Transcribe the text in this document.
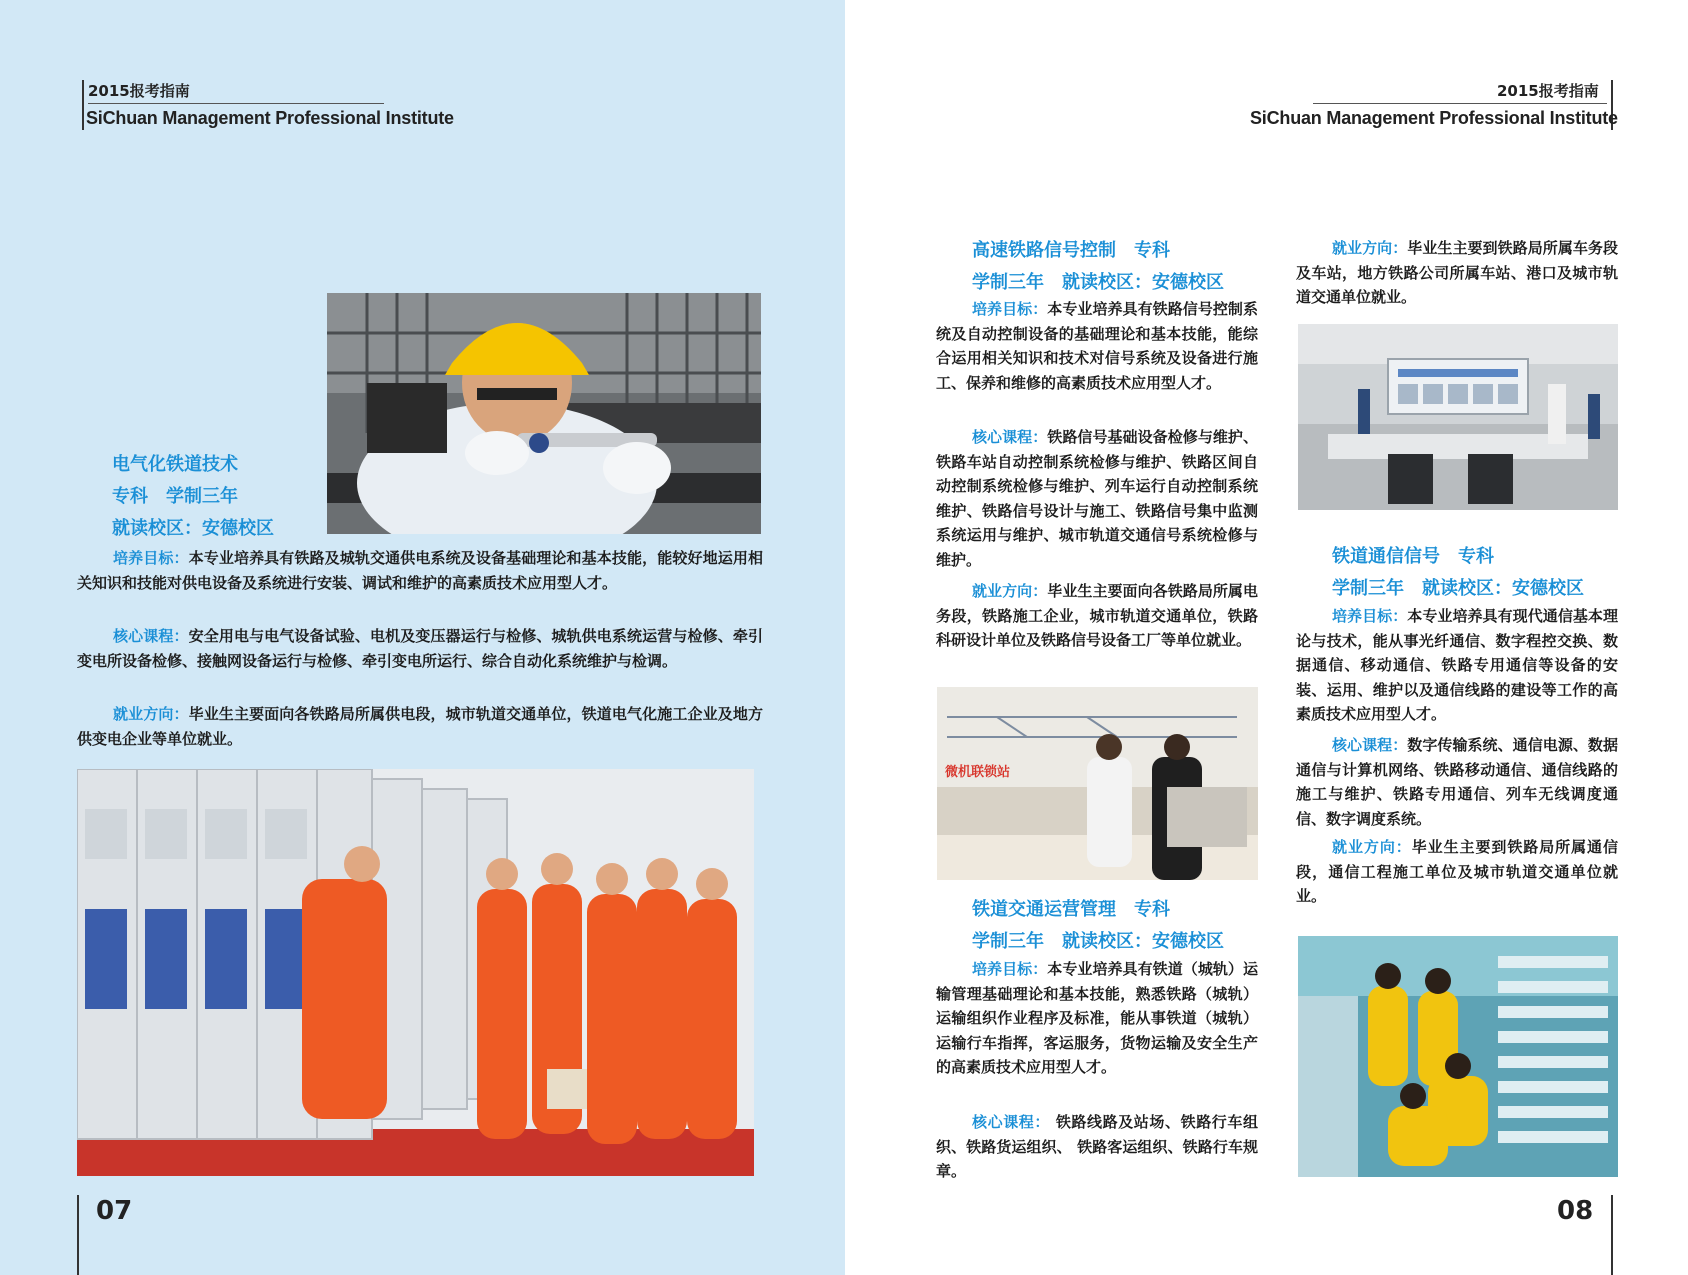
2015报考指南
SiChuan Management Professional Institute
电气化铁道技术
专科　学制三年
就读校区：安德校区
培养目标：本专业培养具有铁路及城轨交通供电系统及设备基础理论和基本技能，能较好地运用相关知识和技能对供电设备及系统进行安装、调试和维护的高素质技术应用型人才。
核心课程：安全用电与电气设备试验、电机及变压器运行与检修、城轨供电系统运营与检修、牵引变电所设备检修、接触网设备运行与检修、牵引变电所运行、综合自动化系统维护与检调。
就业方向：毕业生主要面向各铁路局所属供电段，城市轨道交通单位，铁道电气化施工企业及地方供变电企业等单位就业。
07
2015报考指南
SiChuan Management Professional Institute
高速铁路信号控制　专科
学制三年　就读校区：安德校区
培养目标：本专业培养具有铁路信号控制系统及自动控制设备的基础理论和基本技能，能综合运用相关知识和技术对信号系统及设备进行施工、保养和维修的高素质技术应用型人才。
核心课程：铁路信号基础设备检修与维护、铁路车站自动控制系统检修与维护、铁路区间自动控制系统检修与维护、列车运行自动控制系统维护、铁路信号设计与施工、铁路信号集中监测系统运用与维护、城市轨道交通信号系统检修与维护。
就业方向：毕业生主要面向各铁路局所属电务段，铁路施工企业，城市轨道交通单位，铁路科研设计单位及铁路信号设备工厂等单位就业。
微机联锁站
铁道交通运营管理　专科
学制三年　就读校区：安德校区
培养目标：本专业培养具有铁道（城轨）运输管理基础理论和基本技能，熟悉铁路（城轨）运输组织作业程序及标准，能从事铁道（城轨）运输行车指挥，客运服务，货物运输及安全生产的高素质技术应用型人才。
核心课程： 铁路线路及站场、铁路行车组织、铁路货运组织、 铁路客运组织、铁路行车规章。
就业方向：毕业生主要到铁路局所属车务段及车站，地方铁路公司所属车站、港口及城市轨道交通单位就业。
铁道通信信号　专科
学制三年　就读校区：安德校区
培养目标：本专业培养具有现代通信基本理论与技术，能从事光纤通信、数字程控交换、数据通信、移动通信、铁路专用通信等设备的安装、运用、维护以及通信线路的建设等工作的高素质技术应用型人才。
核心课程：数字传输系统、通信电源、数据通信与计算机网络、铁路移动通信、通信线路的施工与维护、铁路专用通信、列车无线调度通信、数字调度系统。
就业方向：毕业生主要到铁路局所属通信段，通信工程施工单位及城市轨道交通单位就业。
08
